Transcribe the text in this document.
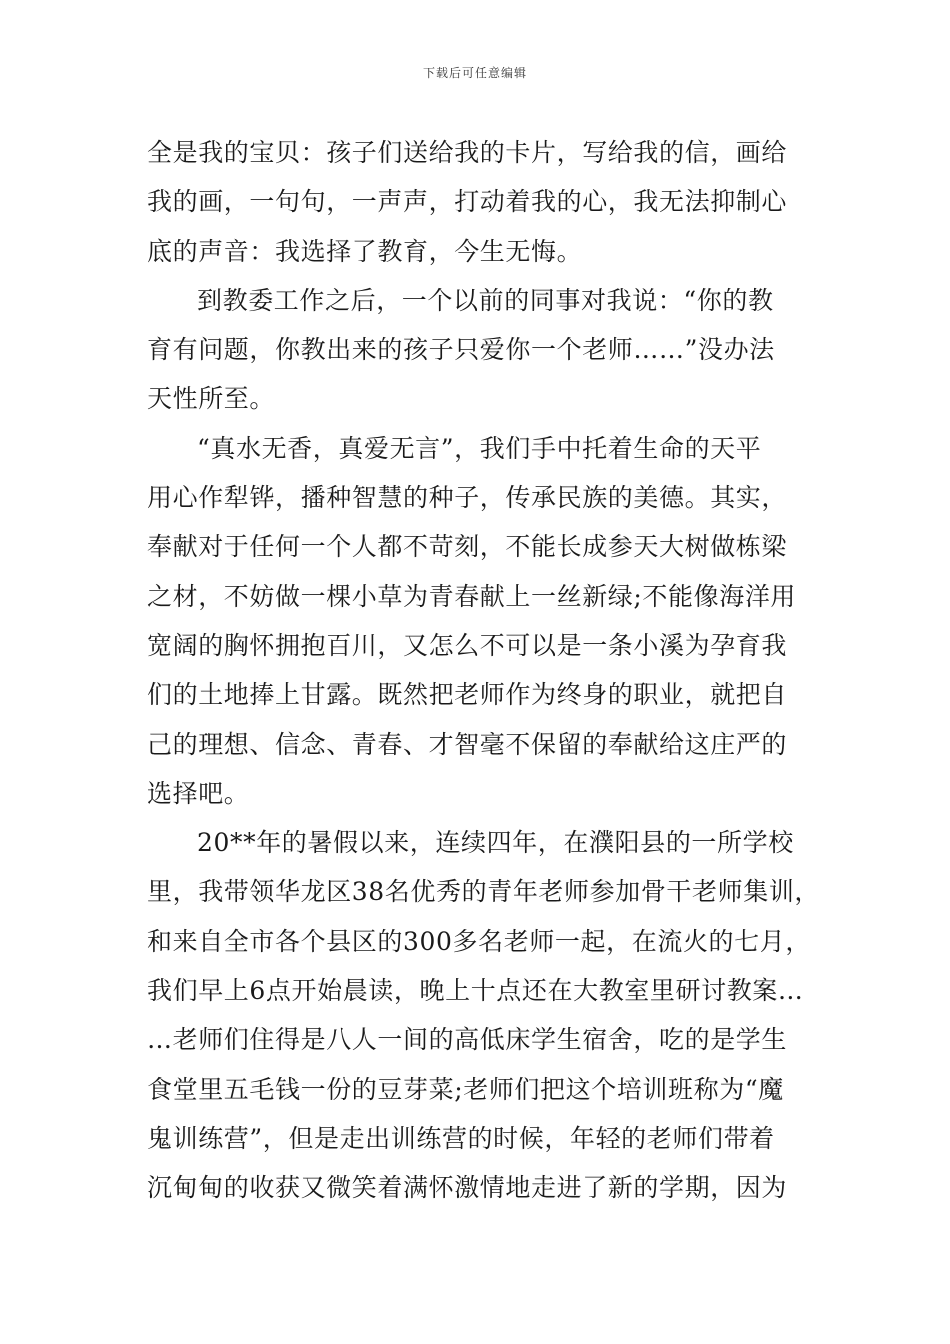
下载后可任意编辑
全是我的宝贝：孩子们送给我的卡片，写给我的信，画给
我的画，一句句，一声声，打动着我的心，我无法抑制心
底的声音：我选择了教育，今生无悔。
到教委工作之后，一个以前的同事对我说：“你的教
育有问题，你教出来的孩子只爱你一个老师……”没办法
天性所至。
“真水无香，真爱无言”，我们手中托着生命的天平
用心作犁铧，播种智慧的种子，传承民族的美德。其实，
奉献对于任何一个人都不苛刻，不能长成参天大树做栋梁
之材，不妨做一棵小草为青春献上一丝新绿;不能像海洋用
宽阔的胸怀拥抱百川，又怎么不可以是一条小溪为孕育我
们的土地捧上甘露。既然把老师作为终身的职业，就把自
己的理想、信念、青春、才智毫不保留的奉献给这庄严的
选择吧。
20**年的暑假以来，连续四年，在濮阳县的一所学校
里，我带领华龙区38名优秀的青年老师参加骨干老师集训，
和来自全市各个县区的300多名老师一起，在流火的七月，
我们早上6点开始晨读，晚上十点还在大教室里研讨教案…
…老师们住得是八人一间的高低床学生宿舍，吃的是学生
食堂里五毛钱一份的豆芽菜;老师们把这个培训班称为“魔
鬼训练营”，但是走出训练营的时候，年轻的老师们带着
沉甸甸的收获又微笑着满怀激情地走进了新的学期，因为
